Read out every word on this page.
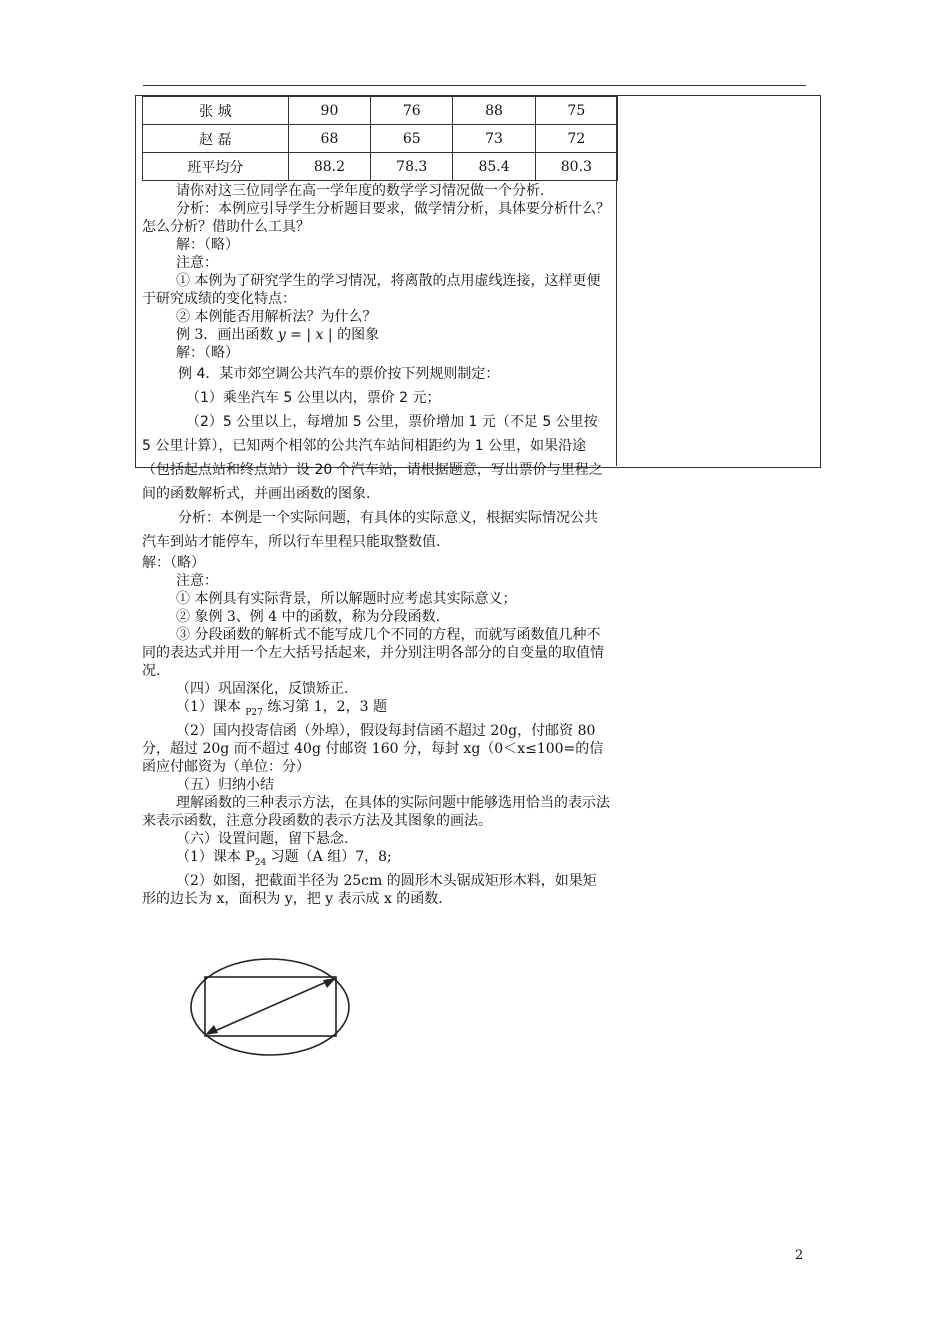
张 城	90	76	88	75
赵 磊	68	65	73	72
班平均分	88.2	78.3	85.4	80.3

请你对这三位同学在高一学年度的数学学习情况做一个分析.

分析：本例应引导学生分析题目要求，做学情分析，具体要分析什么？怎么分析？借助什么工具？

解：（略）

注意：

① 本例为了研究学生的学习情况，将离散的点用虚线连接，这样更便于研究成绩的变化特点：

② 本例能否用解析法？为什么？

例 3．画出函数 y = | x | 的图象

解：（略）

例 4．某市郊空调公共汽车的票价按下列规则制定：

（1）乘坐汽车 5 公里以内，票价 2 元；

（2）5 公里以上，每增加 5 公里，票价增加 1 元（不足 5 公里按 5 公里计算），已知两个相邻的公共汽车站间相距约为 1 公里，如果沿途（包括起点站和终点站）设 20 个汽车站，请根据题意，写出票价与里程之间的函数解析式，并画出函数的图象.

分析：本例是一个实际问题，有具体的实际意义，根据实际情况公共汽车到站才能停车，所以行车里程只能取整数值.

解：（略）

注意：

① 本例具有实际背景，所以解题时应考虑其实际意义；

② 象例 3、例 4 中的函数，称为分段函数.

③ 分段函数的解析式不能写成几个不同的方程，而就写函数值几种不同的表达式并用一个左大括号括起来，并分别注明各部分的自变量的取值情况.

（四）巩固深化，反馈矫正.

（1）课本 $_{P27}$ 练习第 1，2，3 题

（2）国内投寄信函（外埠），假设每封信函不超过 20g，付邮资 80 分，超过 20g 而不超过 40g 付邮资 160 分，每封 xg（0＜x≤100=的信函应付邮资为（单位：分）

（五）归纳小结

理解函数的三种表示方法，在具体的实际问题中能够选用恰当的表示法来表示函数，注意分段函数的表示方法及其图象的画法。

（六）设置问题，留下悬念.

（1）课本 $P_{24}$ 习题（A 组）7，8;

（2）如图，把截面半径为 25cm 的圆形木头锯成矩形木料，如果矩形的边长为 x，面积为 y，把 y 表示成 x 的函数.

2
